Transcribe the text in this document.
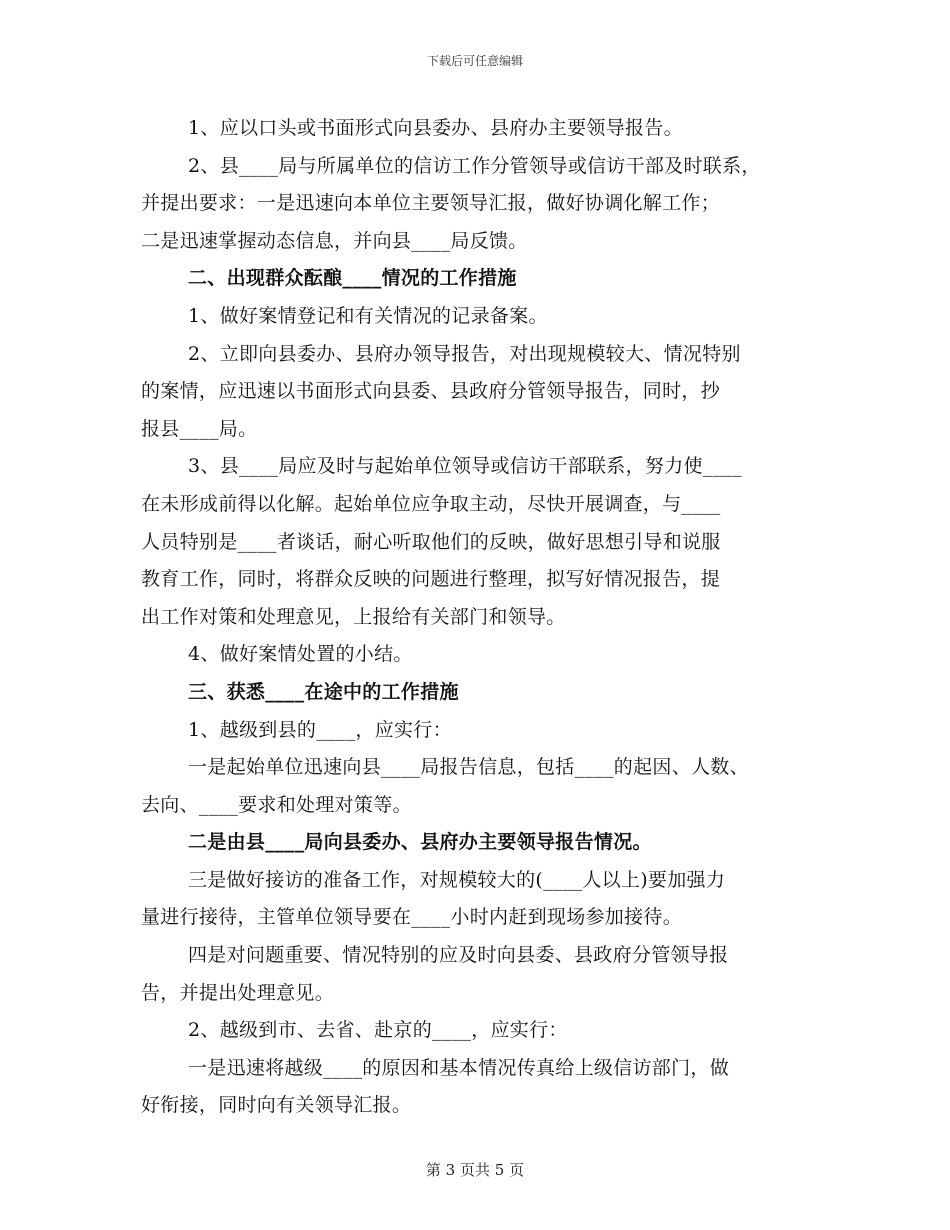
下载后可任意编辑
1、应以口头或书面形式向县委办、县府办主要领导报告。
2、县____局与所属单位的信访工作分管领导或信访干部及时联系，
并提出要求：一是迅速向本单位主要领导汇报，做好协调化解工作；
二是迅速掌握动态信息，并向县____局反馈。
二、出现群众酝酿____情况的工作措施
1、做好案情登记和有关情况的记录备案。
2、立即向县委办、县府办领导报告，对出现规模较大、情况特别
的案情，应迅速以书面形式向县委、县政府分管领导报告，同时，抄
报县____局。
3、县____局应及时与起始单位领导或信访干部联系，努力使____
在未形成前得以化解。起始单位应争取主动，尽快开展调查，与____
人员特别是____者谈话，耐心听取他们的反映，做好思想引导和说服
教育工作，同时，将群众反映的问题进行整理，拟写好情况报告，提
出工作对策和处理意见，上报给有关部门和领导。
4、做好案情处置的小结。
三、获悉____在途中的工作措施
1、越级到县的____，应实行：
一是起始单位迅速向县____局报告信息，包括____的起因、人数、
去向、____要求和处理对策等。
二是由县____局向县委办、县府办主要领导报告情况。
三是做好接访的准备工作，对规模较大的(____人以上)要加强力
量进行接待，主管单位领导要在____小时内赶到现场参加接待。
四是对问题重要、情况特别的应及时向县委、县政府分管领导报
告，并提出处理意见。
2、越级到市、去省、赴京的____，应实行：
一是迅速将越级____的原因和基本情况传真给上级信访部门，做
好衔接，同时向有关领导汇报。
第 3 页共 5 页
